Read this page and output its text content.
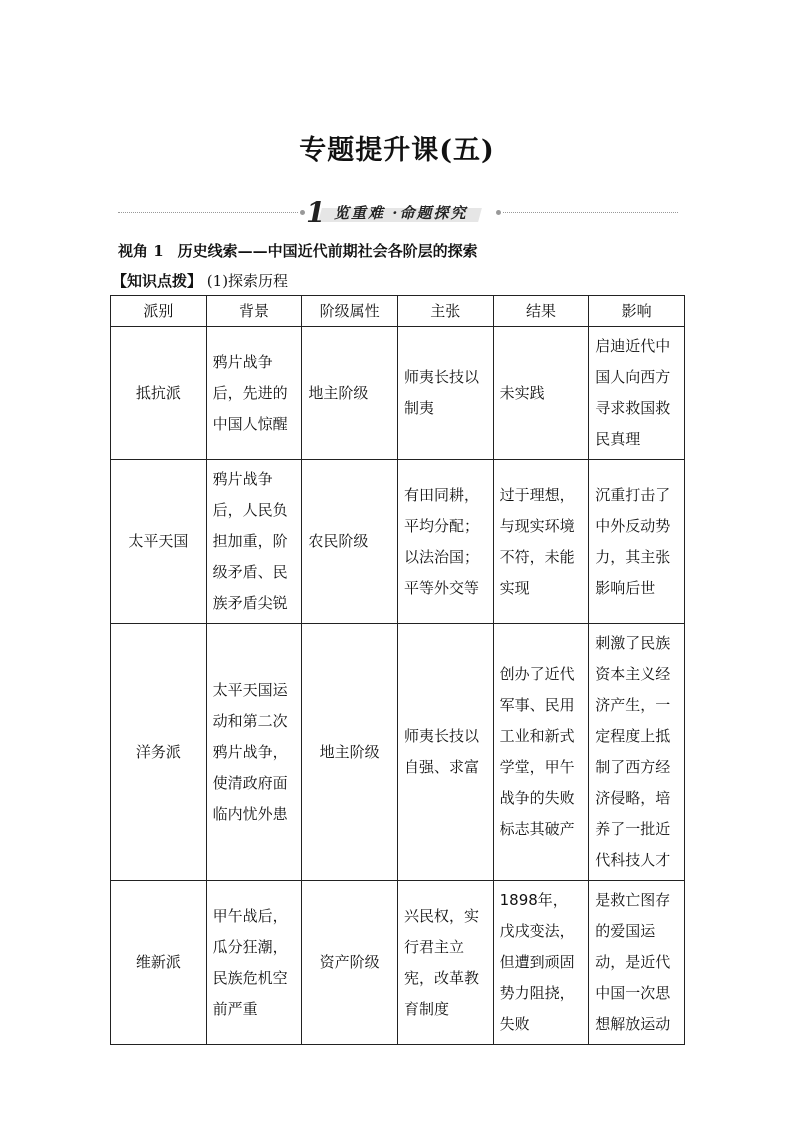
专题提升课(五)
1 览重难 ·命题探究
视角 1 历史线索——中国近代前期社会各阶层的探索
【知识点拨】 (1)探索历程
派别	背景	阶级属性	主张	结果	影响
抵抗派	鸦片战争后，先进的中国人惊醒	地主阶级	师夷长技以制夷	未实践	启迪近代中国人向西方寻求救国救民真理
太平天国	鸦片战争后，人民负担加重，阶级矛盾、民族矛盾尖锐	农民阶级	有田同耕，平均分配；以法治国；平等外交等	过于理想，与现实环境不符，未能实现	沉重打击了中外反动势力，其主张影响后世
洋务派	太平天国运动和第二次鸦片战争，使清政府面临内忧外患	地主阶级	师夷长技以自强、求富	创办了近代军事、民用工业和新式学堂，甲午战争的失败标志其破产	刺激了民族资本主义经济产生，一定程度上抵制了西方经济侵略，培养了一批近代科技人才
维新派	甲午战后，瓜分狂潮，民族危机空前严重	资产阶级	兴民权，实行君主立宪，改革教育制度	1898年，戊戌变法，但遭到顽固势力阻挠，失败	是救亡图存的爱国运动，是近代中国一次思想解放运动
